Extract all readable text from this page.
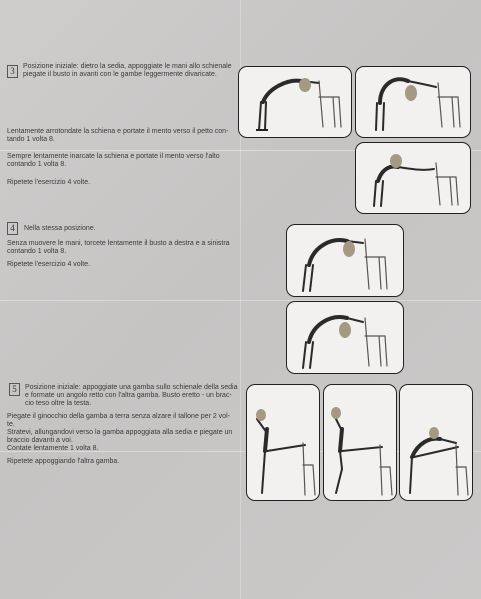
3	Posizione iniziale: dietro la sedia, appoggiate le mani allo schienale
piegate il busto in avanti con le gambe leggermente divaricate.
Lentamente arrotondate la schiena e portate il mento verso il petto con-
tando 1 volta 8.
Sempre lentamente inarcate la schiena e portate il mento verso l'alto
contando 1 volta 8.
Ripetete l'esercizio 4 volte.
4	Nella stessa posizione.
Senza muovere le mani, torcete lentamente il busto a destra e a sinistra
contando 1 volta 8.
Ripetete l'esercizio 4 volte.
5	Posizione iniziale: appoggiate una gamba sullo schienale della sedia
e formate un angolo retto con l'altra gamba. Busto eretto - un brac-
cio teso oltre la testa.
Piegate il ginocchio della gamba a terra senza alzare il tallone per 2 vol-
te.
Stratevi, allungandovi verso la gamba appoggiata alla sedia e piegate un
braccio davanti a voi.
Contate lentamente 1 volta 8.
Ripetete appoggiando l'altra gamba.
